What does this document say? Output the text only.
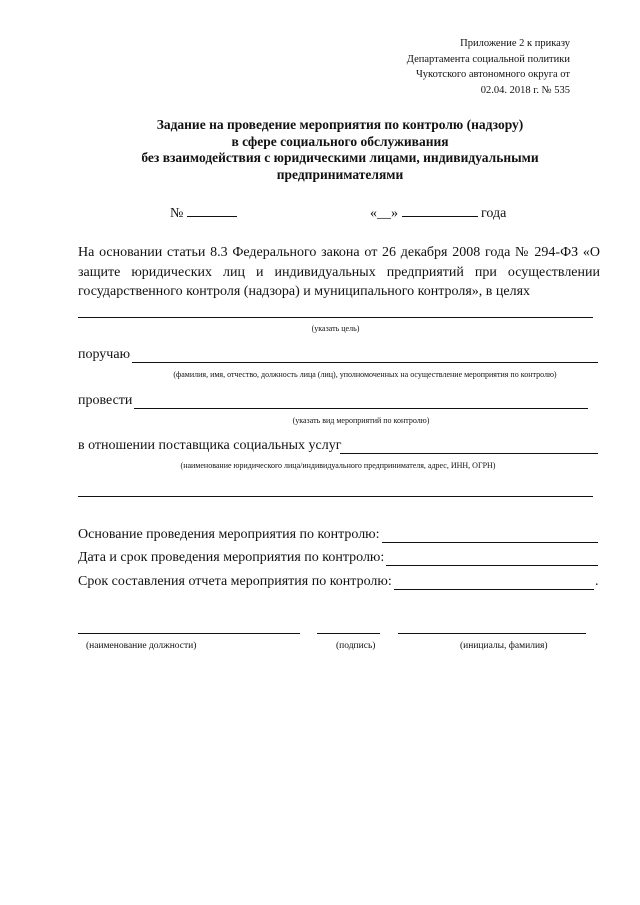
Приложение 2 к приказу
Департамента социальной политики
Чукотского автономного округа от
02.04. 2018 г. № 535
Задание на проведение мероприятия по контролю (надзору)
в сфере социального обслуживания
без взаимодействия с юридическими лицами, индивидуальными
предпринимателями
№	«__»	года
На основании статьи 8.3 Федерального закона от 26 декабря 2008 года № 294-ФЗ «О
защите юридических лиц и индивидуальных предприятий при осуществлении
государственного контроля (надзора) и муниципального контроля», в целях
(указать цель)
поручаю
(фамилия, имя, отчество, должность лица (лиц), уполномоченных на осуществление мероприятия по контролю)
провести
(указать вид мероприятий по контролю)
в отношении поставщика социальных услуг
(наименование юридического лица/индивидуального предпринимателя, адрес, ИНН, ОГРН)
Основание проведения мероприятия по контролю:
Дата и срок проведения мероприятия по контролю:
Срок составления отчета мероприятия по контролю:	.
(наименование должности)	(подпись)	(инициалы, фамилия)
